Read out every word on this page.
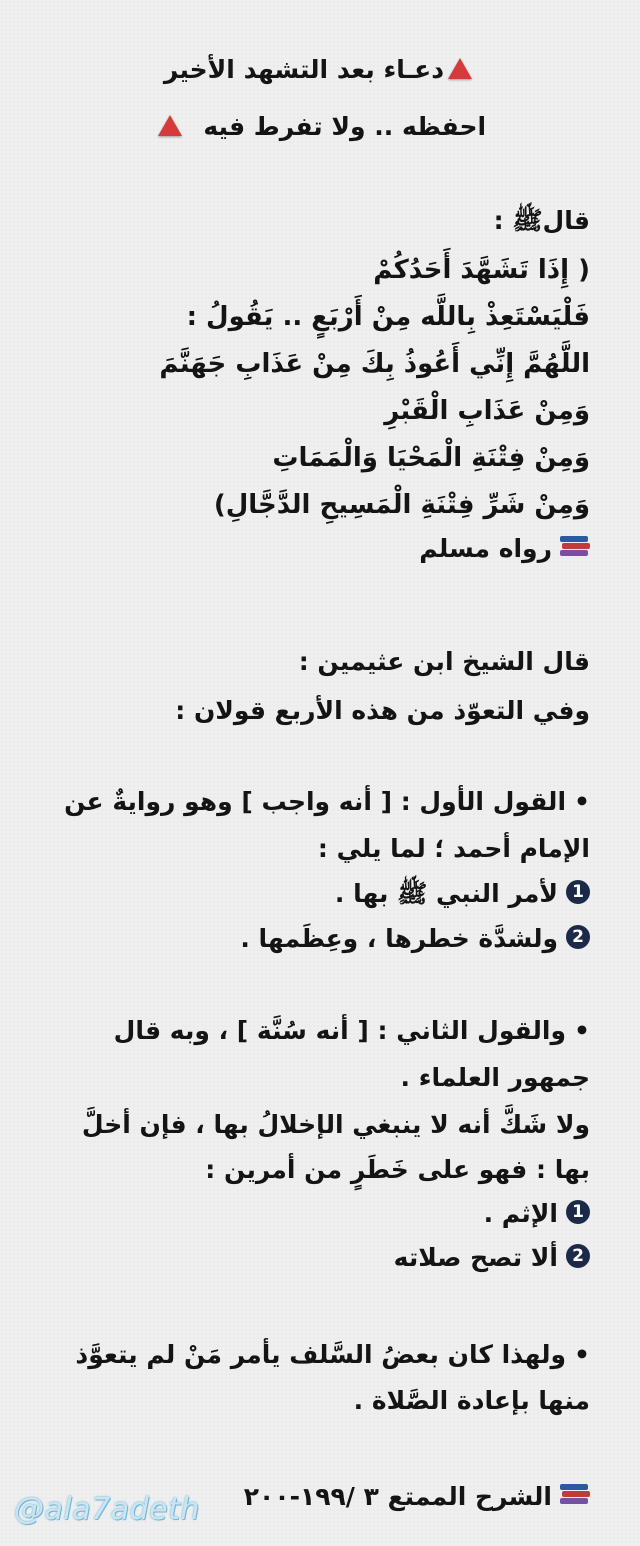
دعـاء بعد التشهد الأخير
احفظه .. ولا تفرط فيه
قالﷺ :
( إِذَا تَشَهَّدَ أَحَدُكُمْ
فَلْيَسْتَعِذْ بِاللَّه مِنْ أَرْبَعٍ .. يَقُولُ :
اللَّهُمَّ إِنِّي أَعُوذُ بِكَ مِنْ عَذَابِ جَهَنَّمَ
وَمِنْ عَذَابِ الْقَبْرِ
وَمِنْ فِتْنَةِ الْمَحْيَا وَالْمَمَاتِ
وَمِنْ شَرِّ فِتْنَةِ الْمَسِيحِ الدَّجَّالِ)
رواه مسلم
قال الشيخ ابن عثيمين :
وفي التعوّذ من هذه الأربع قولان :
•القول الأول : [ أنه واجب ] وهو روايةٌ عن
الإمام أحمد ؛ لما يلي :
1لأمر النبي ﷺ بها .
2ولشدَّة خطرها ، وعِظَمها .
•والقول الثاني : [ أنه سُنَّة ] ، وبه قال
جمهور العلماء .
ولا شَكَّ أنه لا ينبغي الإخلالُ بها ، فإن أخلَّ
بها : فهو على خَطَرٍ من أمرين :
1الإثم .
2ألا تصح صلاته
•ولهذا كان بعضُ السَّلف يأمر مَنْ لم يتعوَّذ
منها بإعادة الصَّلاة .
الشرح الممتع ٣ /١٩٩-٢٠٠
@ala7adeth
